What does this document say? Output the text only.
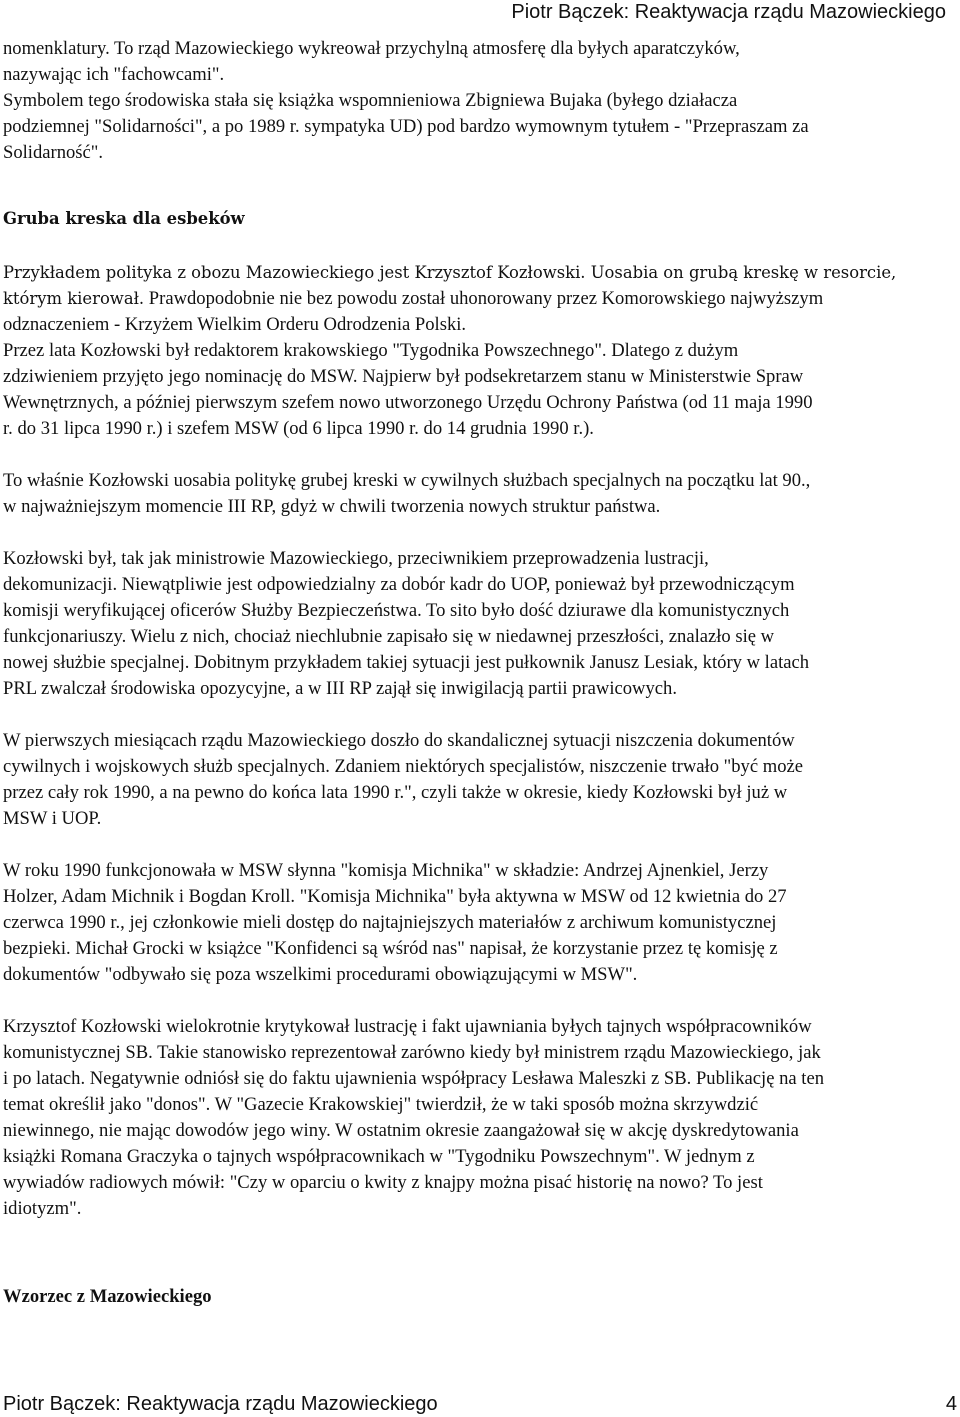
Piotr Bączek: Reaktywacja rządu Mazowieckiego

nomenklatury. To rząd Mazowieckiego wykreował przychylną atmosferę dla byłych aparatczyków,

nazywając ich "fachowcami".

Symbolem tego środowiska stała się książka wspomnieniowa Zbigniewa Bujaka (byłego działacza

podziemnej "Solidarności", a po 1989 r. sympatyka UD) pod bardzo wymownym tytułem - "Przepraszam za

Solidarność".

Gruba kreska dla esbeków

Przykładem polityka z obozu Mazowieckiego jest Krzysztof Kozłowski. Uosabia on grubą kreskę w resorcie,

którym kierował. Prawdopodobnie nie bez powodu został uhonorowany przez Komorowskiego najwyższym

odznaczeniem - Krzyżem Wielkim Orderu Odrodzenia Polski.

Przez lata Kozłowski był redaktorem krakowskiego "Tygodnika Powszechnego". Dlatego z dużym

zdziwieniem przyjęto jego nominację do MSW. Najpierw był podsekretarzem stanu w Ministerstwie Spraw

Wewnętrznych, a później pierwszym szefem nowo utworzonego Urzędu Ochrony Państwa (od 11 maja 1990

r. do 31 lipca 1990 r.) i szefem MSW (od 6 lipca 1990 r. do 14 grudnia 1990 r.).

To właśnie Kozłowski uosabia politykę grubej kreski w cywilnych służbach specjalnych na początku lat 90.,

w najważniejszym momencie III RP, gdyż w chwili tworzenia nowych struktur państwa.

Kozłowski był, tak jak ministrowie Mazowieckiego, przeciwnikiem przeprowadzenia lustracji,

dekomunizacji. Niewątpliwie jest odpowiedzialny za dobór kadr do UOP, ponieważ był przewodniczącym

komisji weryfikującej oficerów Służby Bezpieczeństwa. To sito było dość dziurawe dla komunistycznych

funkcjonariuszy. Wielu z nich, chociaż niechlubnie zapisało się w niedawnej przeszłości, znalazło się w

nowej służbie specjalnej. Dobitnym przykładem takiej sytuacji jest pułkownik Janusz Lesiak, który w latach

PRL zwalczał środowiska opozycyjne, a w III RP zajął się inwigilacją partii prawicowych.

W pierwszych miesiącach rządu Mazowieckiego doszło do skandalicznej sytuacji niszczenia dokumentów

cywilnych i wojskowych służb specjalnych. Zdaniem niektórych specjalistów, niszczenie trwało "być może

przez cały rok 1990, a na pewno do końca lata 1990 r.", czyli także w okresie, kiedy Kozłowski był już w

MSW i UOP.

W roku 1990 funkcjonowała w MSW słynna "komisja Michnika" w składzie: Andrzej Ajnenkiel, Jerzy

Holzer, Adam Michnik i Bogdan Kroll. "Komisja Michnika" była aktywna w MSW od 12 kwietnia do 27

czerwca 1990 r., jej członkowie mieli dostęp do najtajniejszych materiałów z archiwum komunistycznej

bezpieki. Michał Grocki w książce "Konfidenci są wśród nas" napisał, że korzystanie przez tę komisję z

dokumentów "odbywało się poza wszelkimi procedurami obowiązującymi w MSW".

Krzysztof Kozłowski wielokrotnie krytykował lustrację i fakt ujawniania byłych tajnych współpracowników

komunistycznej SB. Takie stanowisko reprezentował zarówno kiedy był ministrem rządu Mazowieckiego, jak

i po latach. Negatywnie odniósł się do faktu ujawnienia współpracy Lesława Maleszki z SB. Publikację na ten

temat określił jako "donos". W "Gazecie Krakowskiej" twierdził, że w taki sposób można skrzywdzić

niewinnego, nie mając dowodów jego winy. W ostatnim okresie zaangażował się w akcję dyskredytowania

książki Romana Graczyka o tajnych współpracownikach w "Tygodniku Powszechnym". W jednym z

wywiadów radiowych mówił: "Czy w oparciu o kwity z knajpy można pisać historię na nowo? To jest

idiotyzm".

Wzorzec z Mazowieckiego

Piotr Bączek: Reaktywacja rządu Mazowieckiego	4
